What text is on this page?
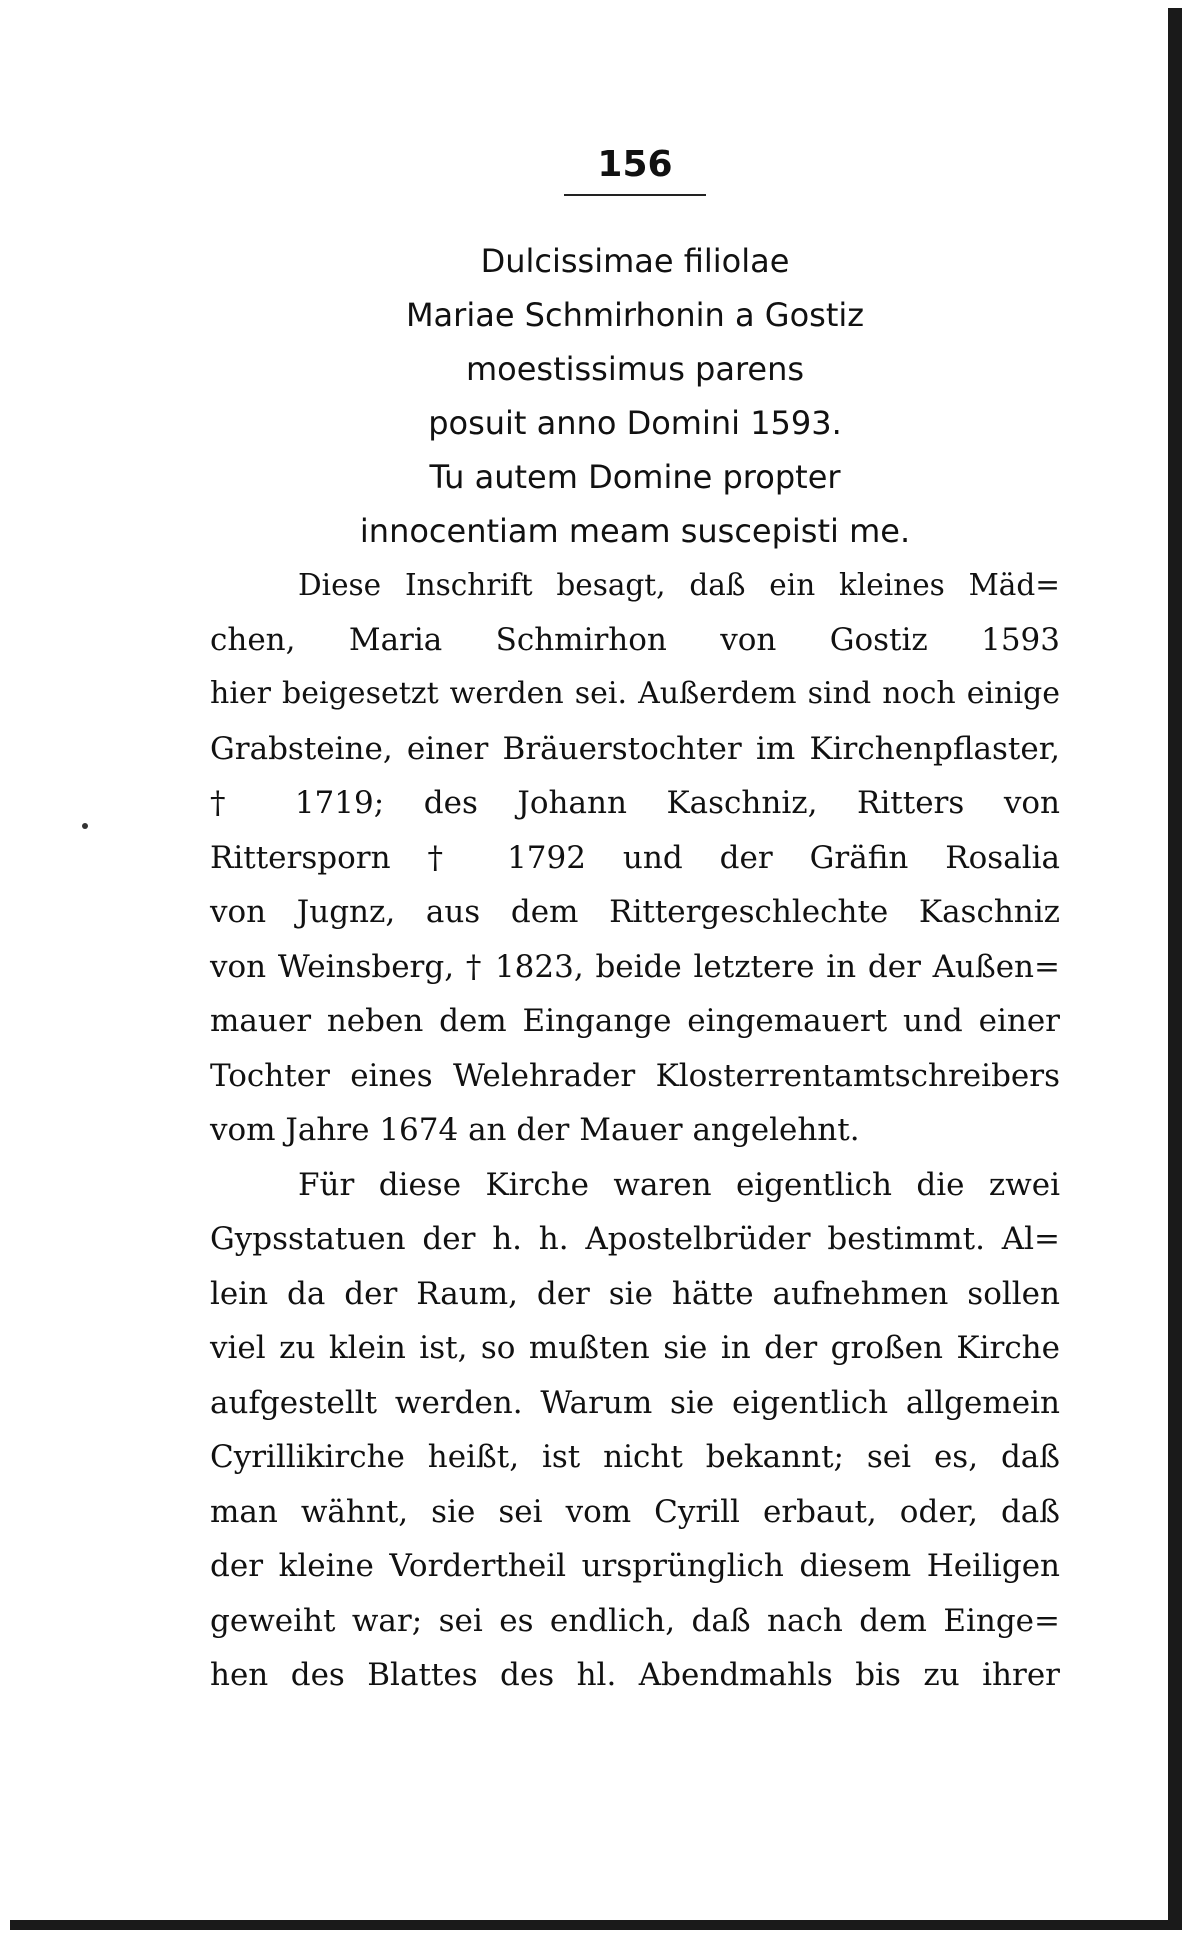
156
Dulcissimae filiolae
Mariae Schmirhonin a Gostiz
moestissimus parens
posuit anno Domini 1593.
Tu autem Domine propter
innocentiam meam suscepisti me.
Diese Inschrift besagt, daß ein kleines Mäd=
chen, Maria Schmirhon von Gostiz 1593
hier beigesetzt werden sei. Außerdem sind noch einige
Grabsteine, einer Bräuerstochter im Kirchenpflaster,
† 1719; des Johann Kaschniz, Ritters von
Rittersporn † 1792 und der Gräfin Rosalia
von Jugnz, aus dem Rittergeschlechte Kaschniz
von Weinsberg, † 1823, beide letztere in der Außen=
mauer neben dem Eingange eingemauert und einer
Tochter eines Welehrader Klosterrentamtschreibers
vom Jahre 1674 an der Mauer angelehnt.
Für diese Kirche waren eigentlich die zwei
Gypsstatuen der h. h. Apostelbrüder bestimmt. Al=
lein da der Raum, der sie hätte aufnehmen sollen
viel zu klein ist, so mußten sie in der großen Kirche
aufgestellt werden. Warum sie eigentlich allgemein
Cyrillikirche heißt, ist nicht bekannt; sei es, daß
man wähnt, sie sei vom Cyrill erbaut, oder, daß
der kleine Vordertheil ursprünglich diesem Heiligen
geweiht war; sei es endlich, daß nach dem Einge=
hen des Blattes des hl. Abendmahls bis zu ihrer
